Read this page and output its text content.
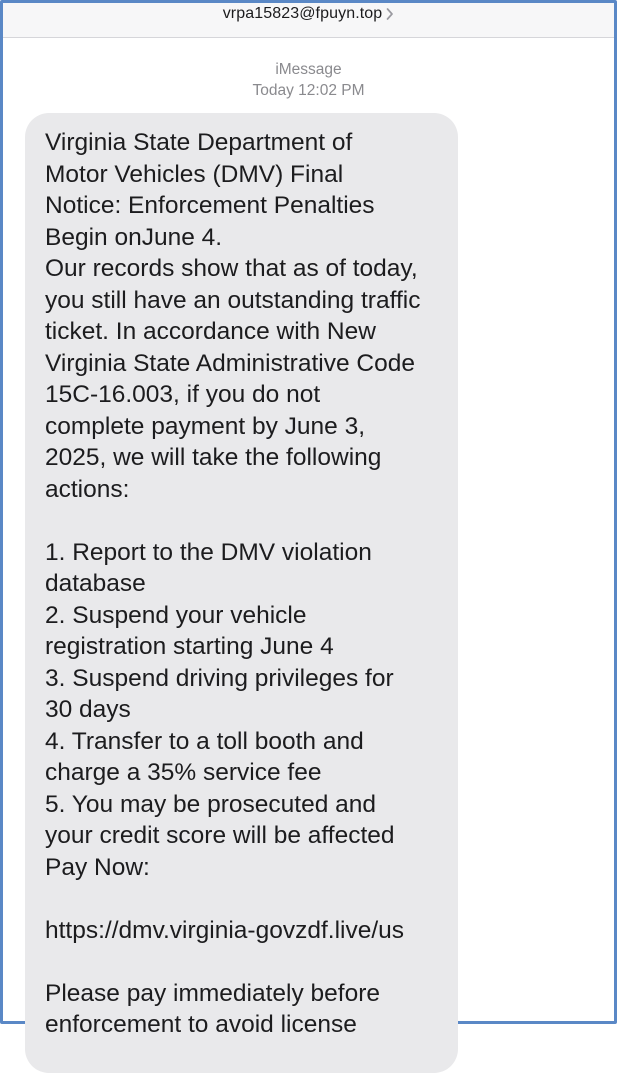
vrpa15823@fpuyn.top
iMessage
Today 12:02 PM

Virginia State Department of
Motor Vehicles (DMV) Final
Notice: Enforcement Penalties
Begin onJune 4.
Our records show that as of today,
you still have an outstanding traffic
ticket. In accordance with New
Virginia State Administrative Code
15C-16.003, if you do not
complete payment by June 3,
2025, we will take the following
actions:

1. Report to the DMV violation
database
2. Suspend your vehicle
registration starting June 4
3. Suspend driving privileges for
30 days
4. Transfer to a toll booth and
charge a 35% service fee
5. You may be prosecuted and
your credit score will be affected
Pay Now:

https://dmv.virginia-govzdf.live/us

Please pay immediately before
enforcement to avoid license
